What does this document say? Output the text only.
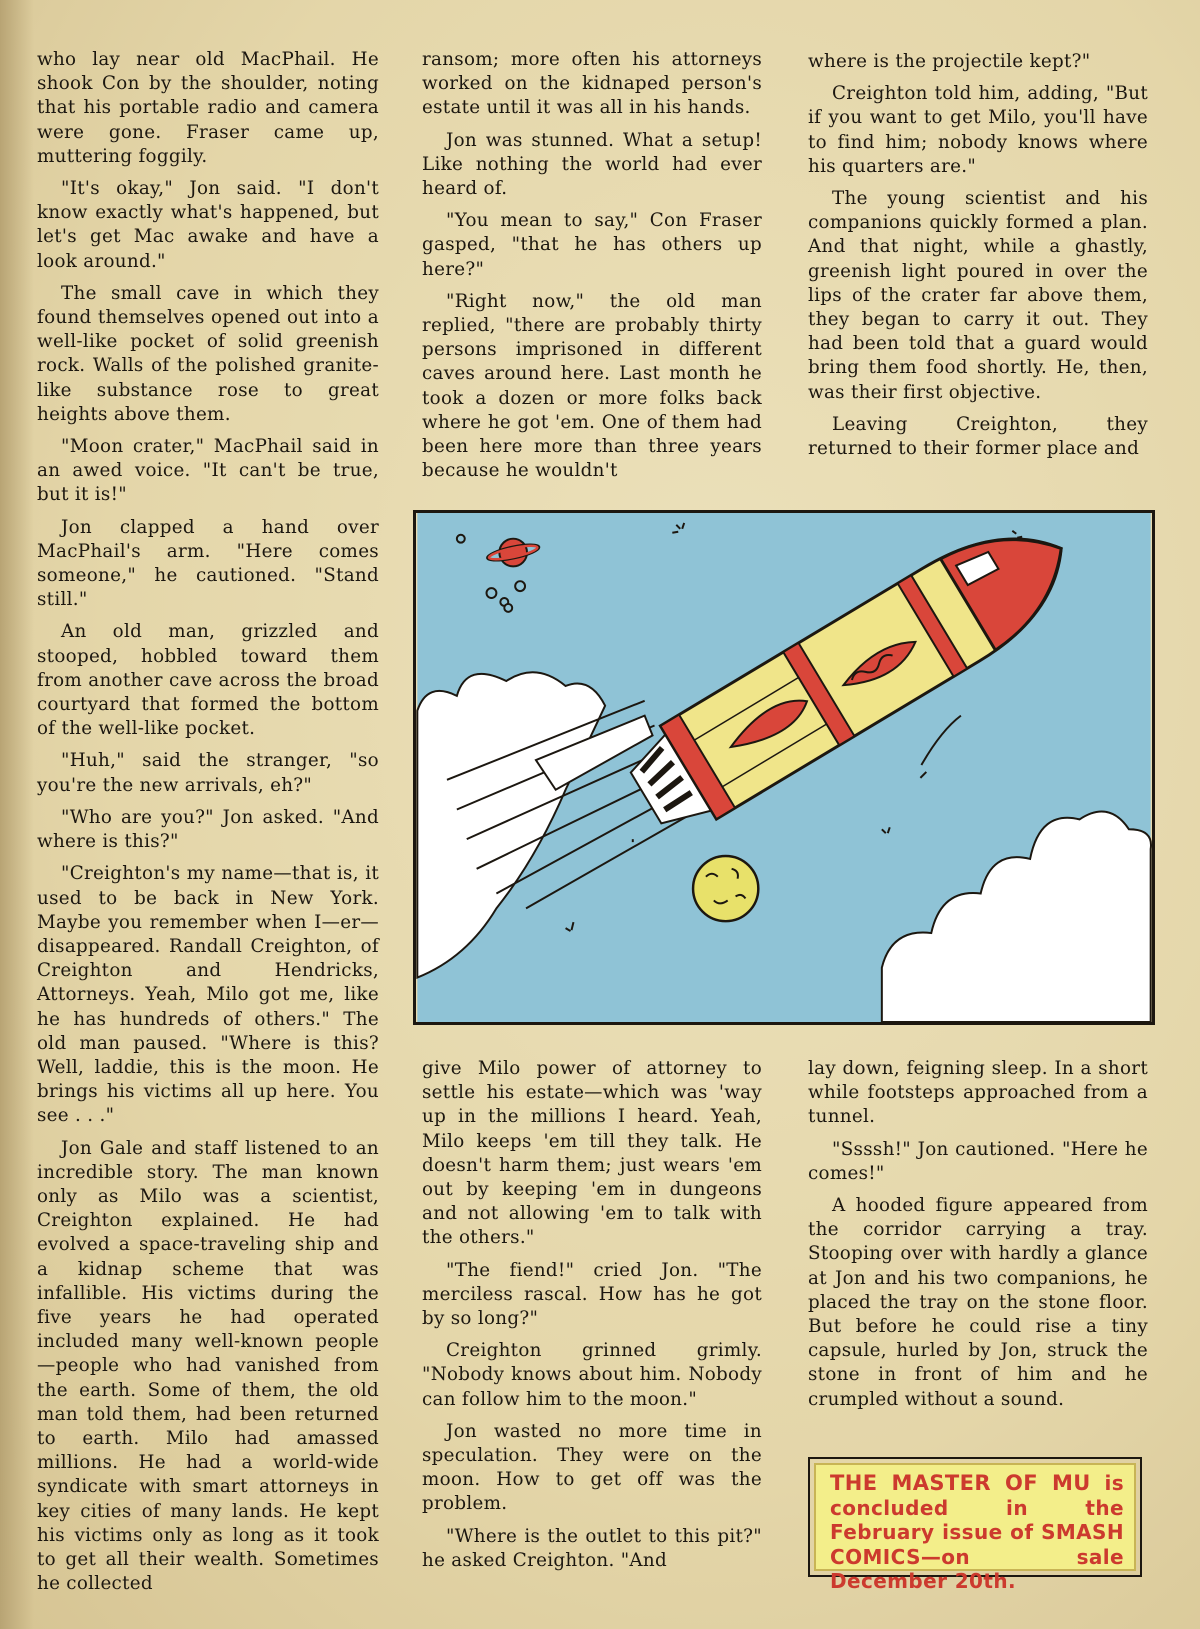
who lay near old MacPhail. He shook Con by the shoulder, noting that his portable radio and camera were gone. Fraser came up, muttering foggily.

"It's okay," Jon said. "I don't know exactly what's happened, but let's get Mac awake and have a look around."

The small cave in which they found themselves opened out into a well-like pocket of solid greenish rock. Walls of the polished granite-like substance rose to great heights above them.

"Moon crater," MacPhail said in an awed voice. "It can't be true, but it is!"

Jon clapped a hand over MacPhail's arm. "Here comes someone," he cautioned. "Stand still."

An old man, grizzled and stooped, hobbled toward them from another cave across the broad courtyard that formed the bottom of the well-like pocket.

"Huh," said the stranger, "so you're the new arrivals, eh?"

"Who are you?" Jon asked. "And where is this?"

"Creighton's my name—that is, it used to be back in New York. Maybe you remember when I—er—disappeared. Randall Creighton, of Creighton and Hendricks, Attorneys. Yeah, Milo got me, like he has hundreds of others." The old man paused. "Where is this? Well, laddie, this is the moon. He brings his victims all up here. You see . . ."

Jon Gale and staff listened to an incredible story. The man known only as Milo was a scientist, Creighton explained. He had evolved a space-traveling ship and a kidnap scheme that was infallible. His victims during the five years he had operated included many well-known people—people who had vanished from the earth. Some of them, the old man told them, had been returned to earth. Milo had amassed millions. He had a world-wide syndicate with smart attorneys in key cities of many lands. He kept his victims only as long as it took to get all their wealth. Sometimes he collected

ransom; more often his attorneys worked on the kidnaped person's estate until it was all in his hands.

Jon was stunned. What a setup! Like nothing the world had ever heard of.

"You mean to say," Con Fraser gasped, "that he has others up here?"

"Right now," the old man replied, "there are probably thirty persons imprisoned in different caves around here. Last month he took a dozen or more folks back where he got 'em. One of them had been here more than three years because he wouldn't

where is the projectile kept?"

Creighton told him, adding, "But if you want to get Milo, you'll have to find him; nobody knows where his quarters are."

The young scientist and his companions quickly formed a plan. And that night, while a ghastly, greenish light poured in over the lips of the crater far above them, they began to carry it out. They had been told that a guard would bring them food shortly. He, then, was their first objective.

Leaving Creighton, they returned to their former place and

give Milo power of attorney to settle his estate—which was 'way up in the millions I heard. Yeah, Milo keeps 'em till they talk. He doesn't harm them; just wears 'em out by keeping 'em in dungeons and not allowing 'em to talk with the others."

"The fiend!" cried Jon. "The merciless rascal. How has he got by so long?"

Creighton grinned grimly. "Nobody knows about him. Nobody can follow him to the moon."

Jon wasted no more time in speculation. They were on the moon. How to get off was the problem.

"Where is the outlet to this pit?" he asked Creighton. "And

lay down, feigning sleep. In a short while footsteps approached from a tunnel.

"Ssssh!" Jon cautioned. "Here he comes!"

A hooded figure appeared from the corridor carrying a tray. Stooping over with hardly a glance at Jon and his two companions, he placed the tray on the stone floor. But before he could rise a tiny capsule, hurled by Jon, struck the stone in front of him and he crumpled without a sound.

THE MASTER OF MU is concluded in the February issue of SMASH COMICS—on sale December 20th.
